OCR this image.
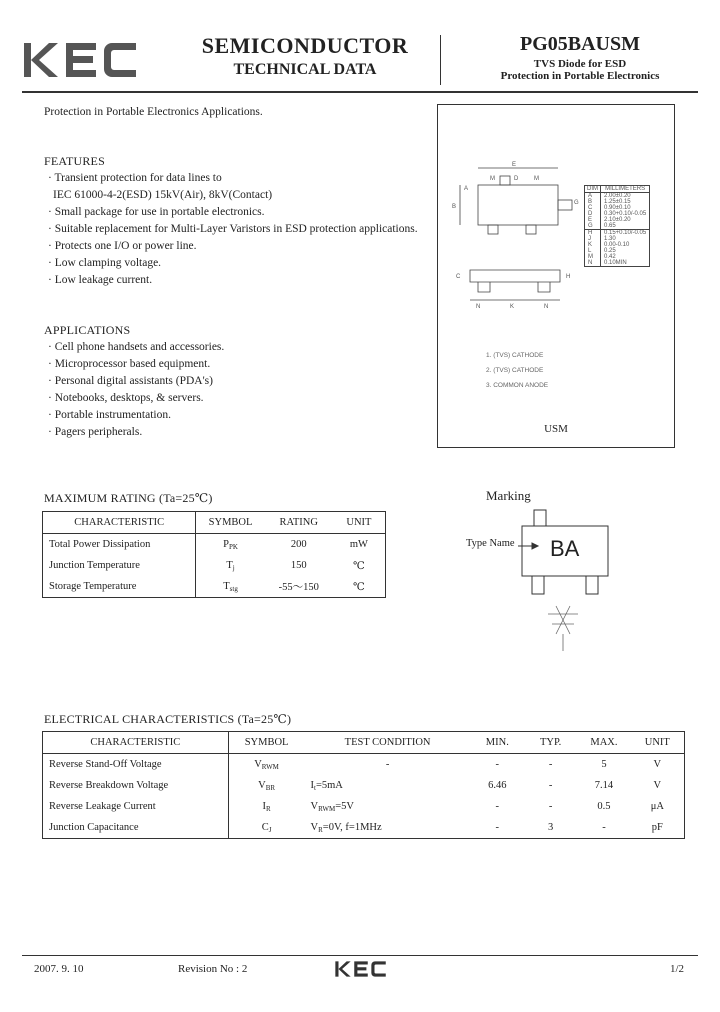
SEMICONDUCTOR
TECHNICAL DATA
PG05BAUSM
TVS Diode for ESD
Protection in Portable Electronics
Protection in Portable Electronics Applications.
FEATURES
· Transient protection for data lines to
IEC 61000-4-2(ESD) 15kV(Air), 8kV(Contact)
· Small package for use in portable electronics.
· Suitable replacement for Multi-Layer Varistors in ESD protection applications.
· Protects one I/O or power line.
· Low clamping voltage.
· Low leakage current.
APPLICATIONS
· Cell phone handsets and accessories.
· Microprocessor based equipment.
· Personal digital assistants (PDA's)
· Notebooks, desktops, & servers.
· Portable instrumentation.
· Pagers peripherals.
E
M	D	M
B
G
A
N	K	N
C	H
DIM	MILLIMETERS
A	2.00±0.20
B	1.25±0.15
C	0.90±0.10
D	0.30+0.10/-0.05
E	2.10±0.20
G	0.65
H	0.15+0.10/-0.05
J	1.30
K	0.00-0.10
L	0.25
M	0.42
N	0.10MIN
1. (TVS) CATHODE
2. (TVS) CATHODE
3. COMMON ANODE
USM
Marking
Type Name BA
MAXIMUM RATING (Ta=25℃)
CHARACTERISTIC	SYMBOL	RATING	UNIT
Total Power Dissipation	$P_{PK}$	200	mW
Junction Temperature	$T_j$	150	℃
Storage Temperature	$T_{stg}$	-55～150	℃
ELECTRICAL CHARACTERISTICS (Ta=25℃)
CHARACTERISTIC	SYMBOL	TEST CONDITION	MIN.	TYP.	MAX.	UNIT
Reverse Stand-Off Voltage	$V_{RWM}$	-	-	-	5	V
Reverse Breakdown Voltage	$V_{BR}$	$I_t=5mA$	6.46	-	7.14	V
Reverse Leakage Current	$I_R$	$V_{RWM}=5V$	-	-	0.5	μA
Junction Capacitance	$C_J$	$V_R=0V$, f=1MHz	-	3	-	pF
2007. 9. 10	Revision No : 2	1/2
